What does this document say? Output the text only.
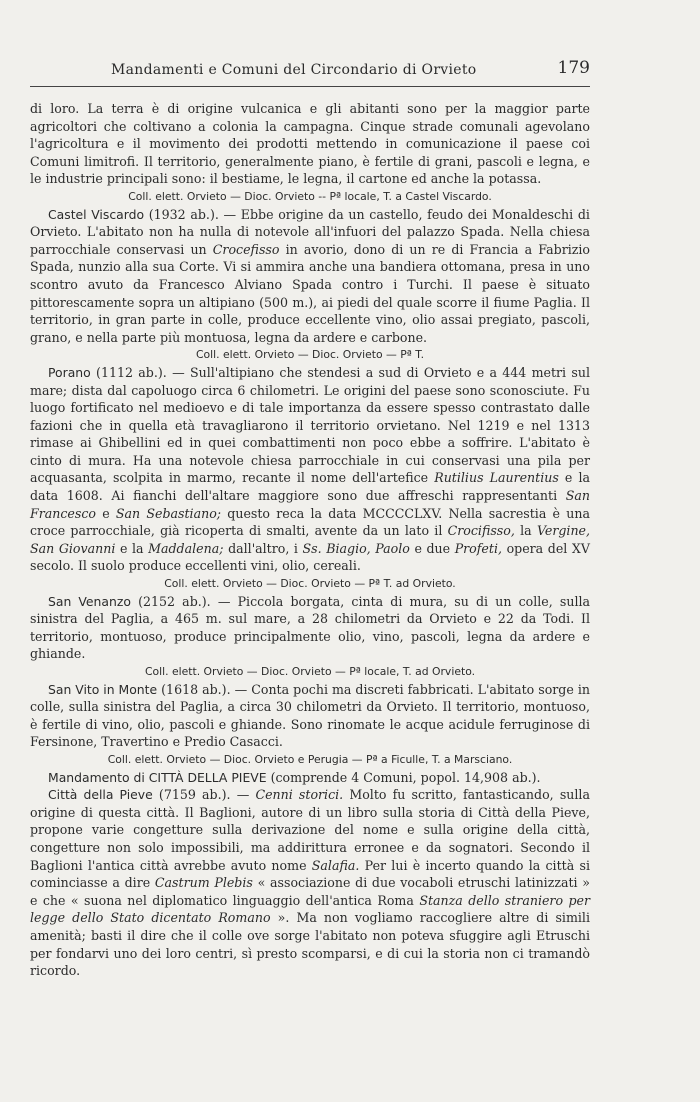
Mandamenti e Comuni del Circondario di Orvieto	179

di loro. La terra è di origine vulcanica e gli abitanti sono per la maggior parte agricoltori che coltivano a colonia la campagna. Cinque strade comunali agevolano l'agricoltura e il movimento dei prodotti mettendo in comunicazione il paese coi Comuni limitrofi. Il territorio, generalmente piano, è fertile di grani, pascoli e legna, e le industrie principali sono: il bestiame, le legna, il cartone ed anche la potassa.

Coll. elett. Orvieto — Dioc. Orvieto -- Pª locale, T. a Castel Viscardo.

Castel Viscardo (1932 ab.). — Ebbe origine da un castello, feudo dei Monaldeschi di Orvieto. L'abitato non ha nulla di notevole all'infuori del palazzo Spada. Nella chiesa parrocchiale conservasi un Crocefisso in avorio, dono di un re di Francia a Fabrizio Spada, nunzio alla sua Corte. Vi si ammira anche una bandiera ottomana, presa in uno scontro avuto da Francesco Alviano Spada contro i Turchi. Il paese è situato pittorescamente sopra un altipiano (500 m.), ai piedi del quale scorre il fiume Paglia. Il territorio, in gran parte in colle, produce eccellente vino, olio assai pregiato, pascoli, grano, e nella parte più montuosa, legna da ardere e carbone.

Coll. elett. Orvieto — Dioc. Orvieto — Pª T.

Porano (1112 ab.). — Sull'altipiano che stendesi a sud di Orvieto e a 444 metri sul mare; dista dal capoluogo circa 6 chilometri. Le origini del paese sono sconosciute. Fu luogo fortificato nel medioevo e di tale importanza da essere spesso contrastato dalle fazioni che in quella età travagliarono il territorio orvietano. Nel 1219 e nel 1313 rimase ai Ghibellini ed in quei combattimenti non poco ebbe a soffrire. L'abitato è cinto di mura. Ha una notevole chiesa parrocchiale in cui conservasi una pila per acquasanta, scolpita in marmo, recante il nome dell'artefice Rutilius Laurentius e la data 1608. Ai fianchi dell'altare maggiore sono due affreschi rappresentanti San Francesco e San Sebastiano; questo reca la data MCCCCLXV. Nella sacrestia è una croce parrocchiale, già ricoperta di smalti, avente da un lato il Crocifisso, la Vergine, San Giovanni e la Maddalena; dall'altro, i Ss. Biagio, Paolo e due Profeti, opera del XV secolo. Il suolo produce eccellenti vini, olio, cereali.

Coll. elett. Orvieto — Dioc. Orvieto — Pª T. ad Orvieto.

San Venanzo (2152 ab.). — Piccola borgata, cinta di mura, su di un colle, sulla sinistra del Paglia, a 465 m. sul mare, a 28 chilometri da Orvieto e 22 da Todi. Il territorio, montuoso, produce principalmente olio, vino, pascoli, legna da ardere e ghiande.

Coll. elett. Orvieto — Dioc. Orvieto — Pª locale, T. ad Orvieto.

San Vito in Monte (1618 ab.). — Conta pochi ma discreti fabbricati. L'abitato sorge in colle, sulla sinistra del Paglia, a circa 30 chilometri da Orvieto. Il territorio, montuoso, è fertile di vino, olio, pascoli e ghiande. Sono rinomate le acque acidule ferruginose di Fersinone, Travertino e Predio Casacci.

Coll. elett. Orvieto — Dioc. Orvieto e Perugia — Pª a Ficulle, T. a Marsciano.

Mandamento di CITTÀ DELLA PIEVE (comprende 4 Comuni, popol. 14,908 ab.).

Città della Pieve (7159 ab.). — Cenni storici. Molto fu scritto, fantasticando, sulla origine di questa città. Il Baglioni, autore di un libro sulla storia di Città della Pieve, propone varie congetture sulla derivazione del nome e sulla origine della città, congetture non solo impossibili, ma addirittura erronee e da sognatori. Secondo il Baglioni l'antica città avrebbe avuto nome Salafia. Per lui è incerto quando la città si cominciasse a dire Castrum Plebis « associazione di due vocaboli etruschi latinizzati » e che « suona nel diplomatico linguaggio dell'antica Roma Stanza dello straniero per legge dello Stato dicentato Romano ». Ma non vogliamo raccogliere altre di simili amenità; basti il dire che il colle ove sorge l'abitato non poteva sfuggire agli Etruschi per fondarvi uno dei loro centri, sì presto scomparsi, e di cui la storia non ci tramandò ricordo.
